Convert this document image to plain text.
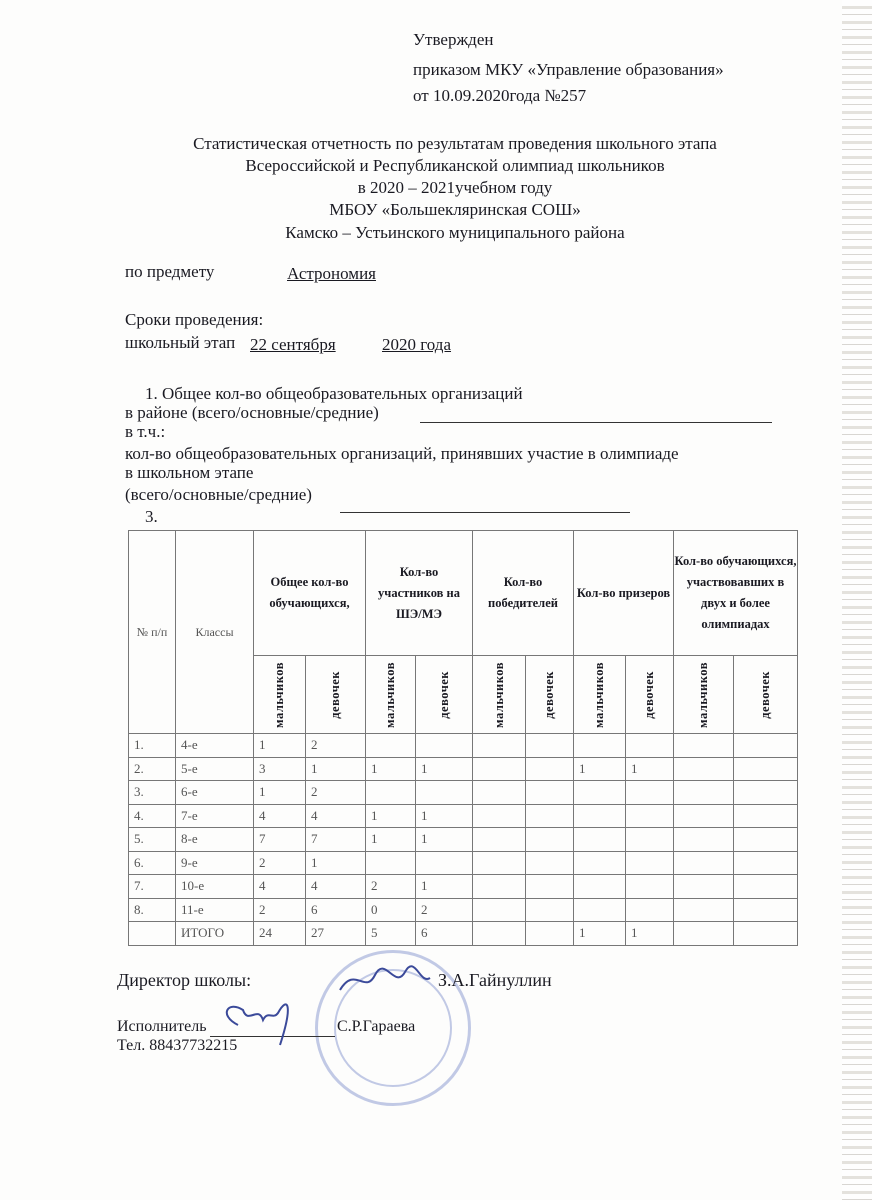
Утвержден
приказом МКУ «Управление образования»
от 10.09.2020года №257
Статистическая отчетность по результатам проведения школьного этапа
Всероссийской и Республиканской олимпиад школьников
в 2020 – 2021учебном году
МБОУ «Большекляринская СОШ»
Камско – Устьинского муниципального района
по предмету	Астрономия
Сроки проведения:
школьный этап 22 сентября	2020 года
1. Общее кол-во общеобразовательных организаций
в районе (всего/основные/средние)
в т.ч.:
кол-во общеобразовательных организаций, принявших участие в олимпиаде
в школьном этапе
(всего/основные/средние)
3.
№ п/п	Классы	Общее кол-во обучающихся,		Кол-во участников на ШЭ/МЭ		Кол-во победителей		Кол-во призеров		Кол-во обучающихся, участвовавших в двух и более олимпиадах	

		мальчиков	девочек	мальчиков	девочек	мальчиков	девочек	мальчиков	девочек	мальчиков	девочек

1.	4-е	1	2								
2.	5-е	3	1	1	1			1	1		
3.	6-е	1	2								
4.	7-е	4	4	1	1						
5.	8-е	7	7	1	1						
6.	9-е	2	1								
7.	10-е	4	4	2	1						
8.	11-е	2	6	0	2						
	ИТОГО	24	27	5	6			1	1		
Директор школы:	З.А.Гайнуллин
Исполнитель	С.Р.Гараева
Тел. 88437732215
